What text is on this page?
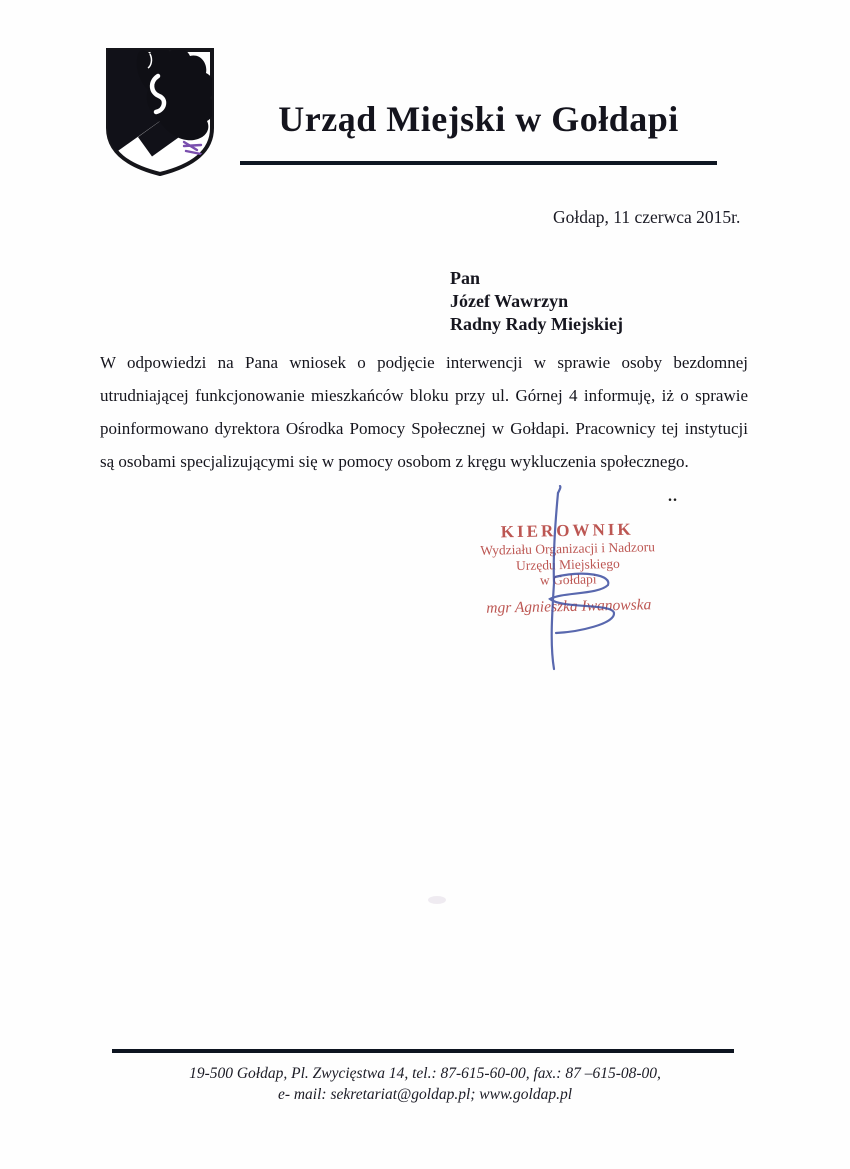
Urząd Miejski w Gołdapi
Gołdap, 11 czerwca 2015r.
Pan
Józef Wawrzyn
Radny Rady Miejskiej
W odpowiedzi na Pana wniosek o podjęcie interwencji w sprawie osoby bezdomnej
utrudniającej funkcjonowanie mieszkańców bloku przy ul. Górnej 4 informuję, iż o sprawie
poinformowano dyrektora Ośrodka Pomocy Społecznej w Gołdapi. Pracownicy tej instytucji
są osobami specjalizującymi się w pomocy osobom z kręgu wykluczenia społecznego.
..
KIEROWNIK
Wydziału Organizacji i Nadzoru
Urzędu Miejskiego
w Gołdapi
mgr Agnieszka Iwanowska
19-500 Gołdap, Pl. Zwycięstwa 14, tel.: 87-615-60-00, fax.: 87 –615-08-00,
e- mail: sekretariat@goldap.pl; www.goldap.pl
